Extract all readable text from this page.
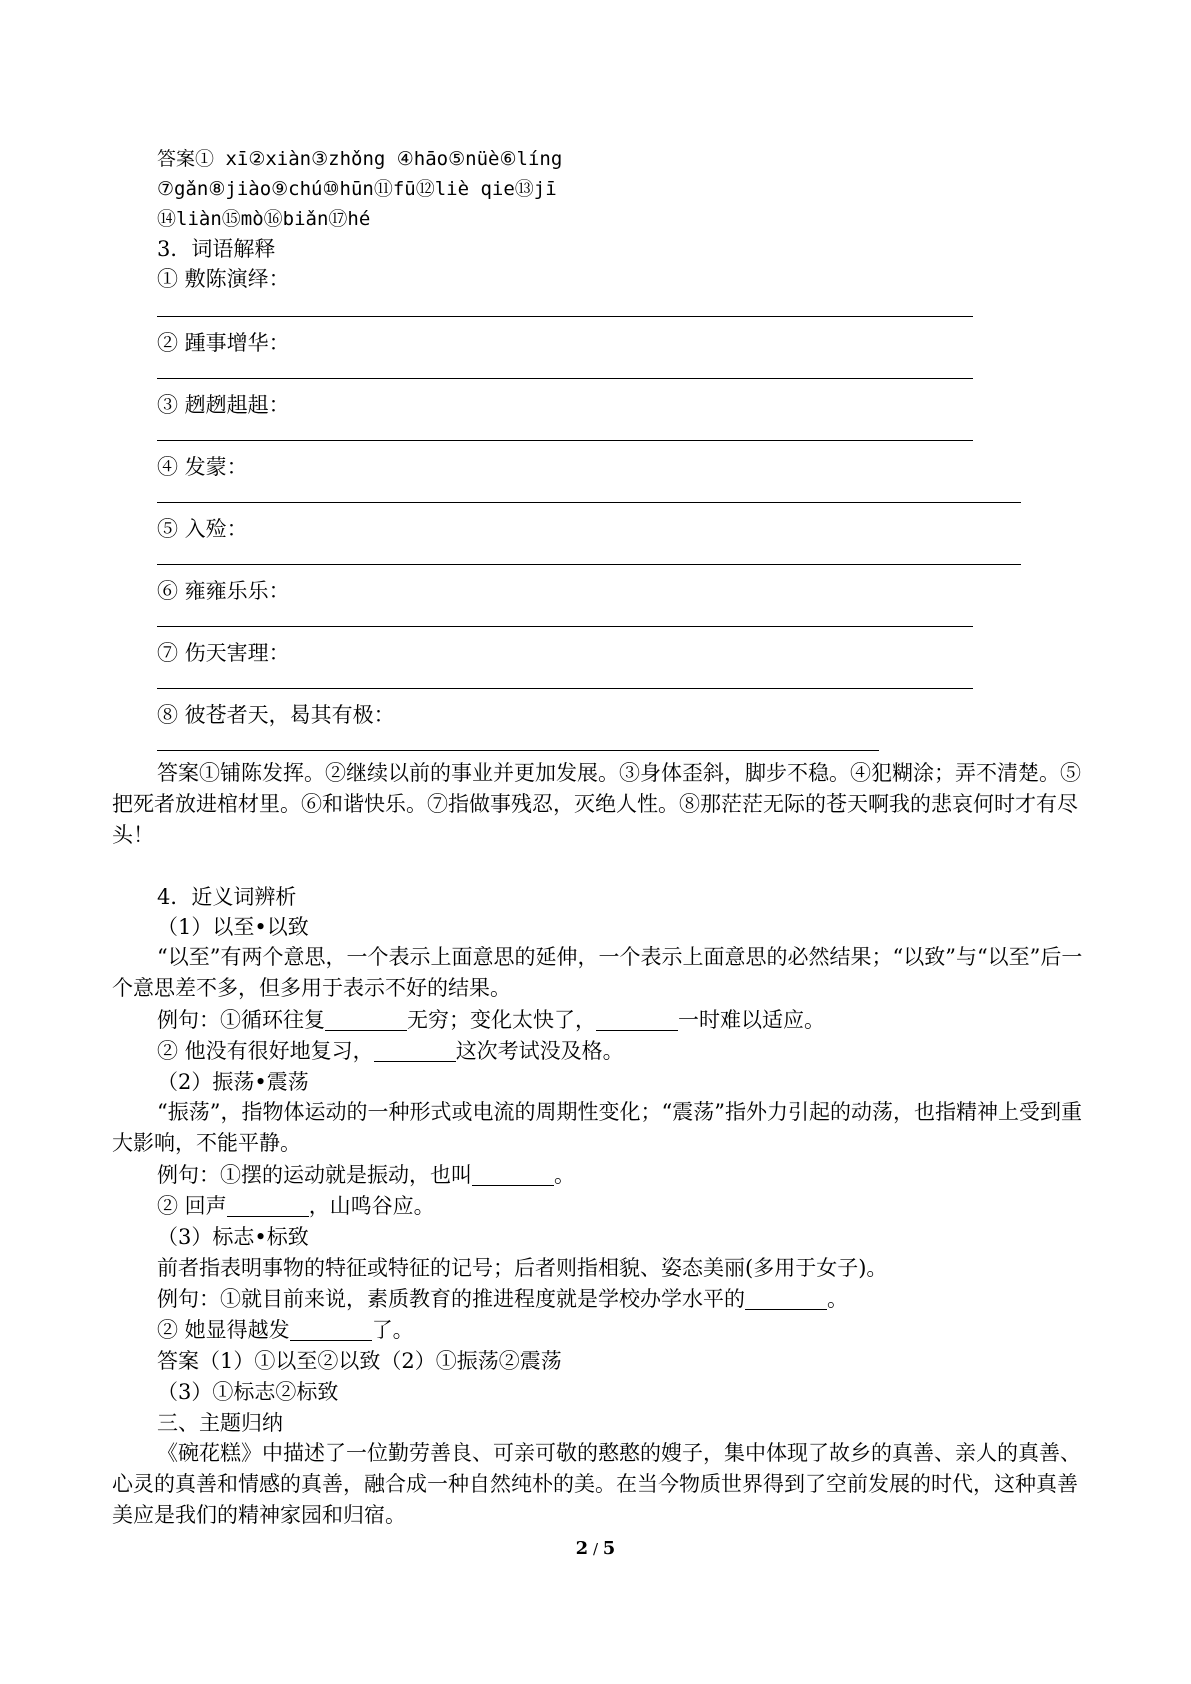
答案① xī②xiàn③zhǒng ④hāo⑤nüè⑥líng
⑦gǎn⑧jiào⑨chú⑩hūn⑪fū⑫liè qie⑬jī
⑭liàn⑮mò⑯biǎn⑰hé
3．词语解释
① 敷陈演绎：
② 踵事增华：
③ 趔趔趄趄：
④ 发蒙：
⑤ 入殓：
⑥ 雍雍乐乐：
⑦ 伤天害理：
⑧ 彼苍者天，曷其有极：
答案①铺陈发挥。②继续以前的事业并更加发展。③身体歪斜，脚步不稳。④犯糊涂；弄不清楚。⑤把死者放进棺材里。⑥和谐快乐。⑦指做事残忍，灭绝人性。⑧那茫茫无际的苍天啊我的悲哀何时才有尽头！
4．近义词辨析
（1）以至•以致
“以至”有两个意思，一个表示上面意思的延伸，一个表示上面意思的必然结果；“以致”与“以至”后一个意思差不多，但多用于表示不好的结果。
例句：①循环往复	无穷；变化太快了，	一时难以适应。
② 他没有很好地复习，	这次考试没及格。
（2）振荡•震荡
“振荡”，指物体运动的一种形式或电流的周期性变化；“震荡”指外力引起的动荡，也指精神上受到重大影响，不能平静。
例句：①摆的运动就是振动，也叫	。
② 回声	，山鸣谷应。
（3）标志•标致
前者指表明事物的特征或特征的记号；后者则指相貌、姿态美丽(多用于女子)。
例句：①就目前来说，素质教育的推进程度就是学校办学水平的	。
② 她显得越发	了。
答案（1）①以至②以致（2）①振荡②震荡
（3）①标志②标致
三、主题归纳
《碗花糕》中描述了一位勤劳善良、可亲可敬的憨憨的嫂子，集中体现了故乡的真善、亲人的真善、心灵的真善和情感的真善，融合成一种自然纯朴的美。在当今物质世界得到了空前发展的时代，这种真善美应是我们的精神家园和归宿。
2 / 5
